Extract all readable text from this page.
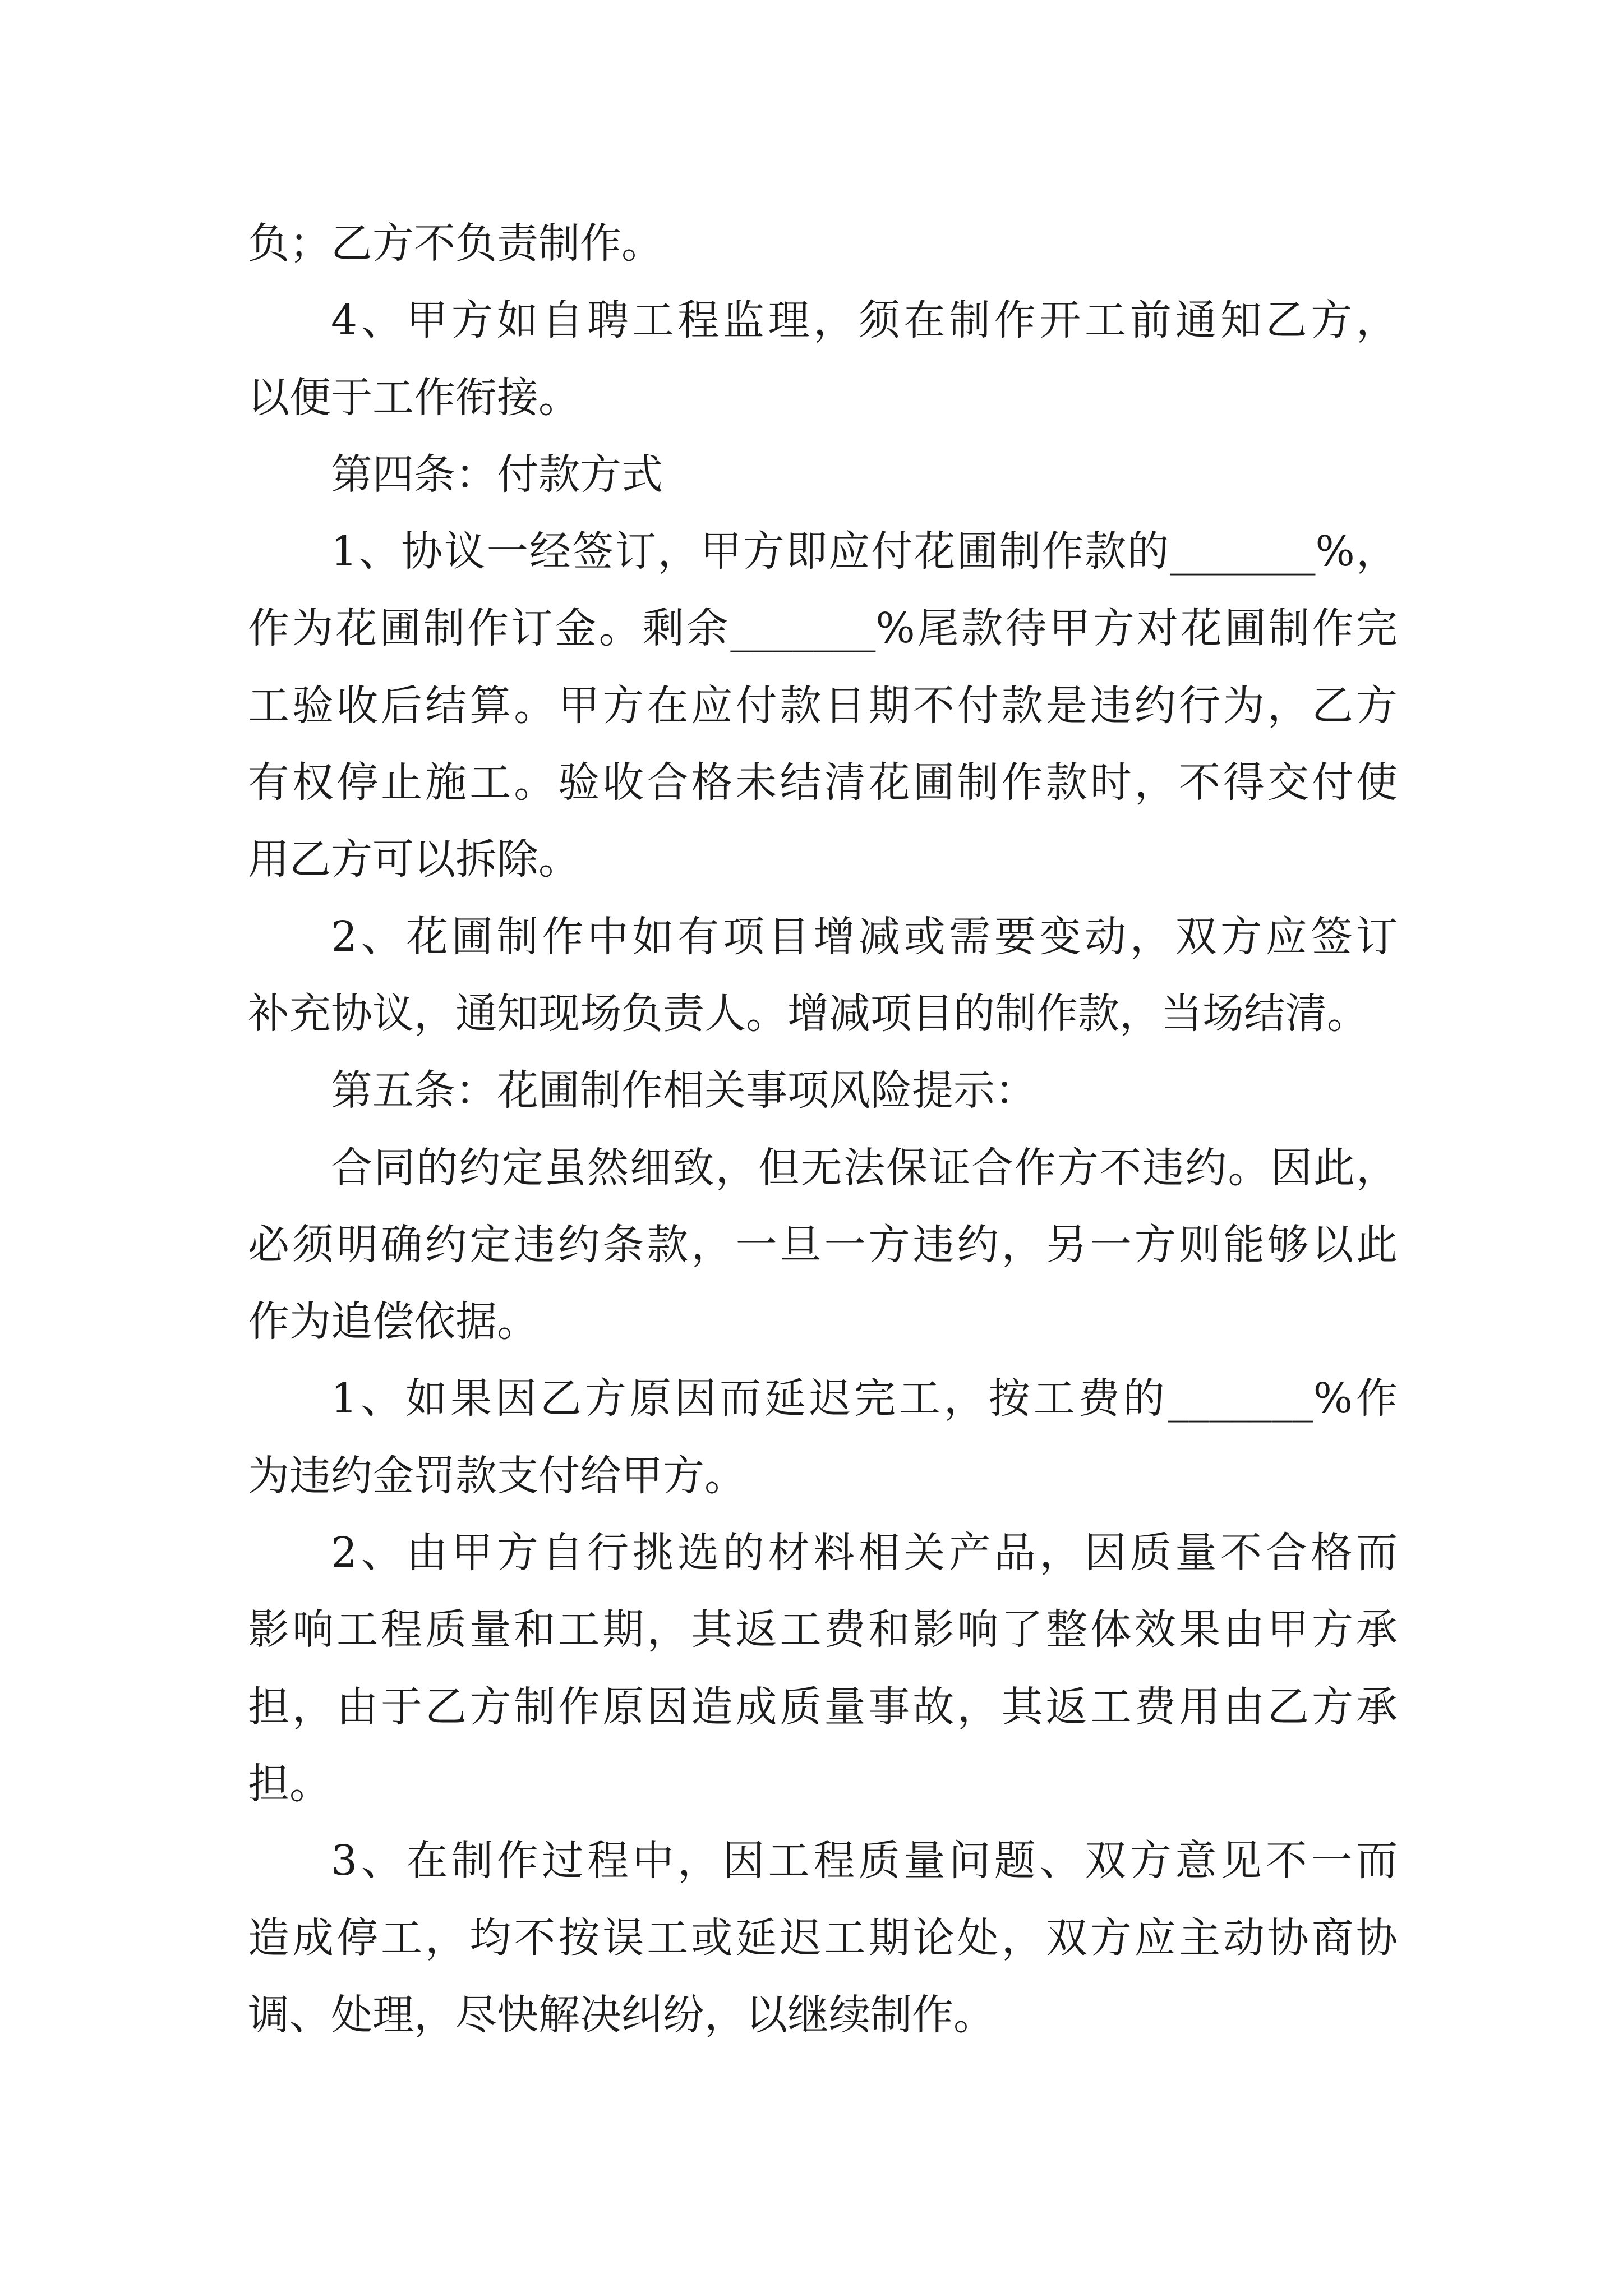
负；乙方不负责制作。
4、甲方如自聘工程监理，须在制作开工前通知乙方，
以便于工作衔接。
第四条：付款方式
1、协议一经签订，甲方即应付花圃制作款的_______%，
作为花圃制作订金。剩余_______%尾款待甲方对花圃制作完
工验收后结算。甲方在应付款日期不付款是违约行为，乙方
有权停止施工。验收合格未结清花圃制作款时，不得交付使
用乙方可以拆除。
2、花圃制作中如有项目增减或需要变动，双方应签订
补充协议，通知现场负责人。增减项目的制作款，当场结清。
第五条：花圃制作相关事项风险提示：
合同的约定虽然细致，但无法保证合作方不违约。因此，
必须明确约定违约条款，一旦一方违约，另一方则能够以此
作为追偿依据。
1、如果因乙方原因而延迟完工，按工费的_______%作
为违约金罚款支付给甲方。
2、由甲方自行挑选的材料相关产品，因质量不合格而
影响工程质量和工期，其返工费和影响了整体效果由甲方承
担，由于乙方制作原因造成质量事故，其返工费用由乙方承
担。
3、在制作过程中，因工程质量问题、双方意见不一而
造成停工，均不按误工或延迟工期论处，双方应主动协商协
调、处理，尽快解决纠纷，以继续制作。
